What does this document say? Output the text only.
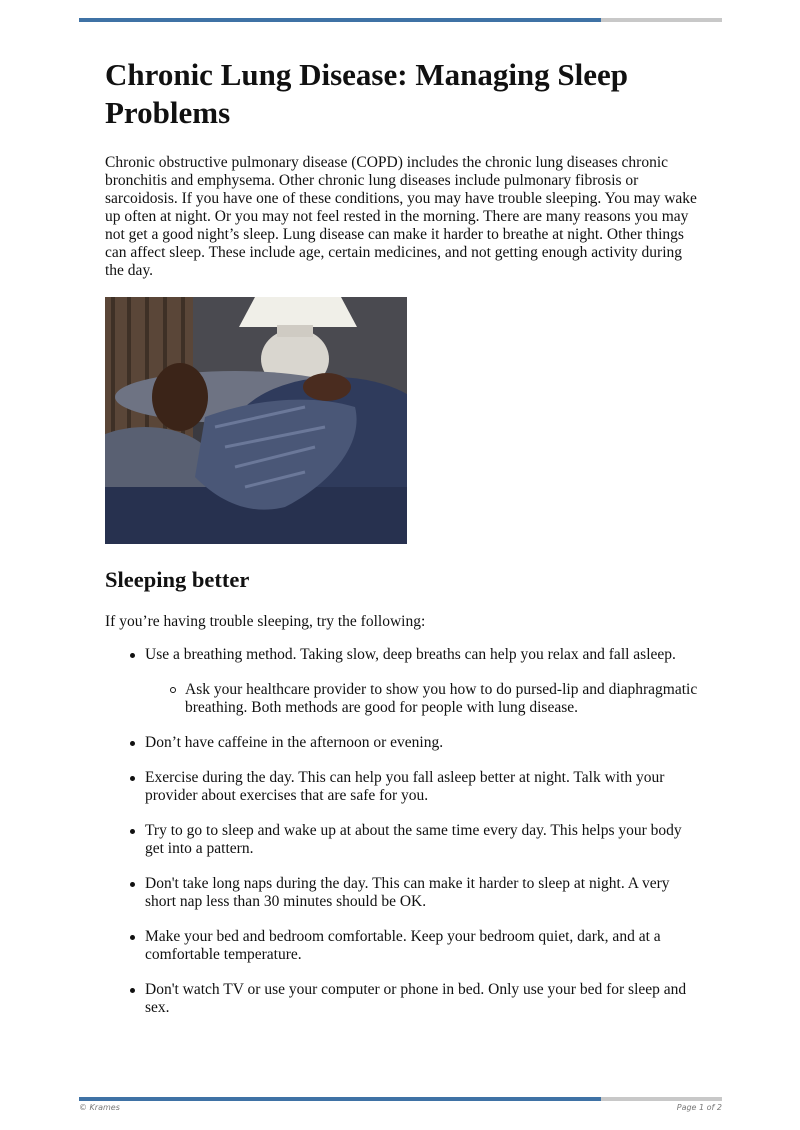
Chronic Lung Disease: Managing Sleep Problems

Chronic obstructive pulmonary disease (COPD) includes the chronic lung diseases chronic bronchitis and emphysema. Other chronic lung diseases include pulmonary fibrosis or sarcoidosis. If you have one of these conditions, you may have trouble sleeping. You may wake up often at night. Or you may not feel rested in the morning. There are many reasons you may not get a good night’s sleep. Lung disease can make it harder to breathe at night. Other things can affect sleep. These include age, certain medicines, and not getting enough activity during the day.

Sleeping better

If you’re having trouble sleeping, try the following:

Use a breathing method. Taking slow, deep breaths can help you relax and fall asleep.
Ask your healthcare provider to show you how to do pursed-lip and diaphragmatic breathing. Both methods are good for people with lung disease.
Don’t have caffeine in the afternoon or evening.
Exercise during the day. This can help you fall asleep better at night. Talk with your provider about exercises that are safe for you.
Try to go to sleep and wake up at about the same time every day. This helps your body get into a pattern.
Don't take long naps during the day. This can make it harder to sleep at night. A very short nap less than 30 minutes should be OK.
Make your bed and bedroom comfortable. Keep your bedroom quiet, dark, and at a comfortable temperature.
Don't watch TV or use your computer or phone in bed. Only use your bed for sleep and sex.
© Krames	Page 1 of 2
